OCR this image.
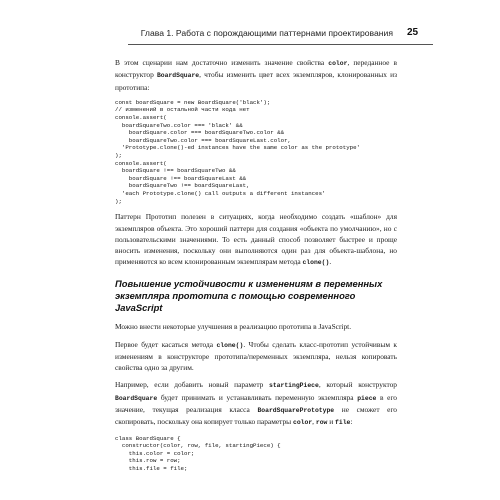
Глава 1. Работа с порождающими паттернами проектирования 25

В этом сценарии нам достаточно изменить значение свойства color, переданное в конструктор BoardSquare, чтобы изменить цвет всех экземпляров, клонированных из прототипа:

const boardSquare = new BoardSquare('black');
// изменений в остальной части кода нет
console.assert(
boardSquareTwo.color === 'black' &&
boardSquare.color === boardSquareTwo.color &&
boardSquareTwo.color === boardSquareLast.color,
'Prototype.clone()-ed instances have the same color as the prototype'
);
console.assert(
boardSquare !== boardSquareTwo &&
boardSquare !== boardSquareLast &&
boardSquareTwo !== boardSquareLast,
'each Prototype.clone() call outputs a different instances'
);

Паттерн Прототип полезен в ситуациях, когда необходимо создать «шаблон» для экземпляров объекта. Это хороший паттерн для создания «объекта по умолчанию», но с пользовательскими значениями. То есть данный способ позволяет быстрее и проще вносить изменения, поскольку они выполняются один раз для объекта-шаблона, но применяются ко всем клонированным экземплярам метода clone().

Повышение устойчивости к изменениям в переменных экземпляра прототипа с помощью современного JavaScript

Можно внести некоторые улучшения в реализацию прототипа в JavaScript.

Первое будет касаться метода clone(). Чтобы сделать класс-прототип устойчивым к изменениям в конструкторе прототипа/переменных экземпляра, нельзя копировать свойства одно за другим.

Например, если добавить новый параметр startingPiece, который конструктор BoardSquare будет принимать и устанавливать переменную экземпляра piece в его значение, текущая реализация класса BoardSquarePrototype не сможет его скопировать, поскольку она копирует только параметры color, row и file:

class BoardSquare {
constructor(color, row, file, startingPiece) {
this.color = color;
this.row = row;
this.file = file;
